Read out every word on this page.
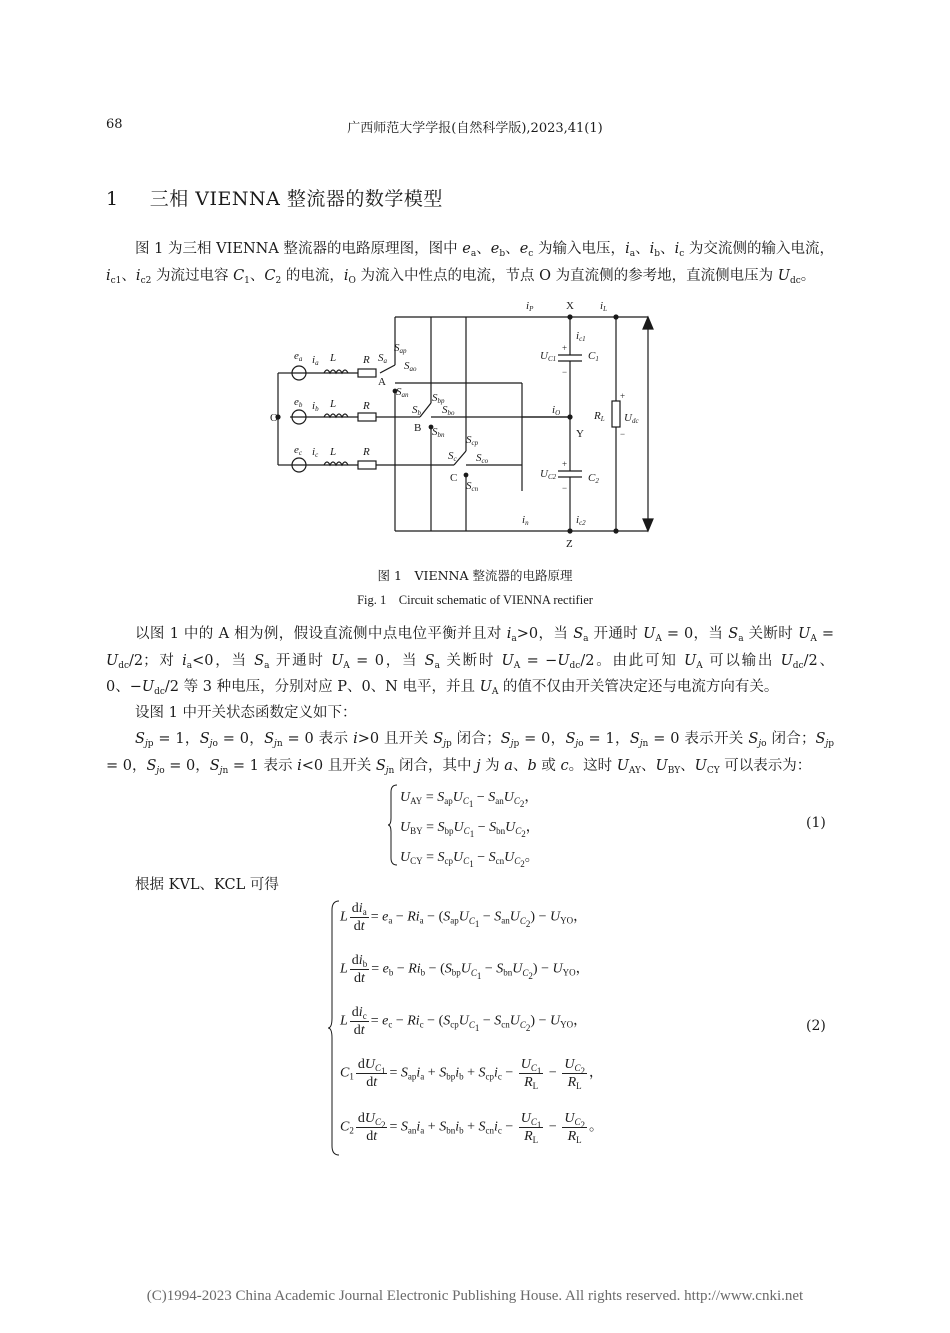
68	广西师范大学学报(自然科学版),2023,41(1)
1 三相 VIENNA 整流器的数学模型
图 1 为三相 VIENNA 整流器的电路原理图，图中 $e_a$、$e_b$、$e_c$ 为输入电压，$i_a$、$i_b$、$i_c$ 为交流侧的输入电流，$i_{c1}$、$i_{c2}$ 为流过电容 $C_1$、$C_2$ 的电流，$i_O$ 为流入中性点的电流，节点 O 为直流侧的参考地，直流侧电压为 $U_{dc}$。
ea
eb
ec
ia
ib
ic
L
L
L
R
R
R
O
A
B
C
Sap
Sa Sao
San Sbp
Sb Sbo
Sbn Scp
Sc Sco
Scn
iP	X iL
ic1
UC1	C1
iO
Y
RL Udc
UC2	C2
in	ic2
Z
+
−
+
−
+
−
图 1　VIENNA 整流器的电路原理
Fig. 1　Circuit schematic of VIENNA rectifier
以图 1 中的 A 相为例，假设直流侧中点电位平衡并且对 $i_a>0$，当 $S_a$ 开通时 $U_A = 0$，当 $S_a$ 关断时 $U_A = U_{dc}/2$；对 $i_a<0$，当 $S_a$ 开通时 $U_A = 0$，当 $S_a$ 关断时 $U_A = -U_{dc}/2$。由此可知 $U_A$ 可以输出 $U_{dc}/2$、0、$-U_{dc}/2$ 等 3 种电压，分别对应 P、0、N 电平，并且 $U_A$ 的值不仅由开关管决定还与电流方向有关。
设图 1 中开关状态函数定义如下：
$S_{jp} = 1$，$S_{jo} = 0$，$S_{jn} = 0$ 表示 i>0 且开关 $S_{jp}$ 闭合；$S_{jp} = 0$，$S_{jo} = 1$，$S_{jn} = 0$ 表示开关 $S_{jo}$ 闭合；$S_{jp} = 0$，$S_{jo} = 0$，$S_{jn} = 1$ 表示 i<0 且开关 $S_{jn}$ 闭合，其中 j 为 a、b 或 c。这时 $U_{AY}$、$U_{BY}$、$U_{CY}$ 可以表示为：
$U_{AY} = S_{ap}U_{C_1} - S_{an}U_{C_2}$，
$U_{BY} = S_{bp}U_{C_1} - S_{bn}U_{C_2}$，
$U_{CY} = S_{cp}U_{C_1} - S_{cn}U_{C_2}$。
(1)
根据 KVL、KCL 可得
L $\frac{di_a}{dt} = e_a - Ri_a - (S_{ap}U_{C_1} - S_{an}U_{C_2}) - U_{YO}$，
L $\frac{di_b}{dt} = e_b - Ri_b - (S_{bp}U_{C_1} - S_{bn}U_{C_2}) - U_{YO}$，
L $\frac{di_c}{dt} = e_c - Ri_c - (S_{cp}U_{C_1} - S_{cn}U_{C_2}) - U_{YO}$，
$C_1 \frac{dU_{C_1}}{dt} = S_{ap}i_a + S_{bp}i_b + S_{cp}i_c - \frac{U_{C_1}}{R_L} - \frac{U_{C_2}}{R_L}$ ，
$C_2 \frac{dU_{C_2}}{dt} = S_{an}i_a + S_{bn}i_b + S_{cn}i_c - \frac{U_{C_1}}{R_L} - \frac{U_{C_2}}{R_L}$ 。
(2)
(C)1994-2023 China Academic Journal Electronic Publishing House. All rights reserved. http://www.cnki.net
